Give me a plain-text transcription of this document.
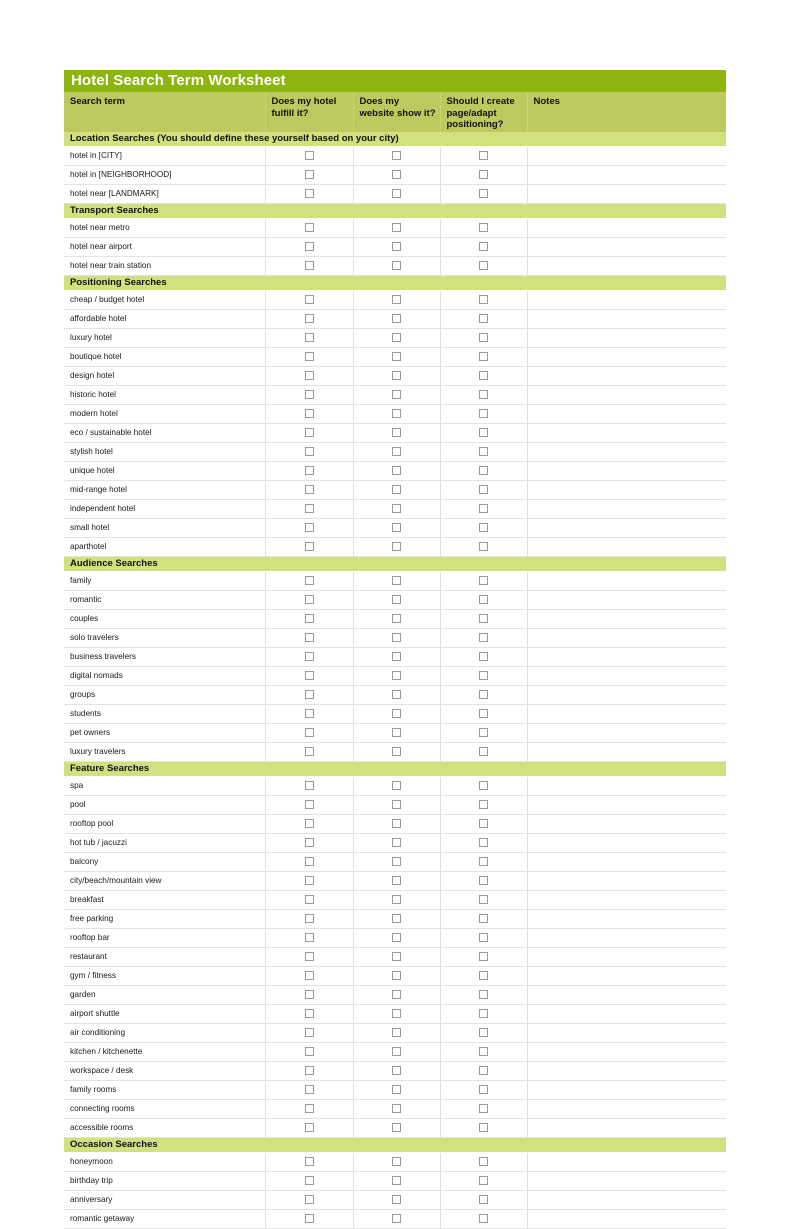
Hotel Search Term Worksheet
Search term	Does my hotel fulfill it?	Does my website show it?	Should I create page/adapt positioning?	Notes
Location Searches (You should define these yourself based on your city)				
hotel in [CITY]				
hotel in [NEIGHBORHOOD]				
hotel near [LANDMARK]				
Transport Searches				
hotel near metro				
hotel near airport				
hotel near train station				
Positioning Searches				
cheap / budget hotel				
affordable hotel				
luxury hotel				
boutique hotel				
design hotel				
historic hotel				
modern hotel				
eco / sustainable hotel				
stylish hotel				
unique hotel				
mid-range hotel				
independent hotel				
small hotel				
aparthotel				
Audience Searches				
family				
romantic				
couples				
solo travelers				
business travelers				
digital nomads				
groups				
students				
pet owners				
luxury travelers				
Feature Searches				
spa				
pool				
rooftop pool				
hot tub / jacuzzi				
balcony				
city/beach/mountain view				
breakfast				
free parking				
rooftop bar				
restaurant				
gym / fitness				
garden				
airport shuttle				
air conditioning				
kitchen / kitchenette				
workspace / desk				
family rooms				
connecting rooms				
accessible rooms				
Occasion Searches				
honeymoon				
birthday trip				
anniversary				
romantic getaway				
